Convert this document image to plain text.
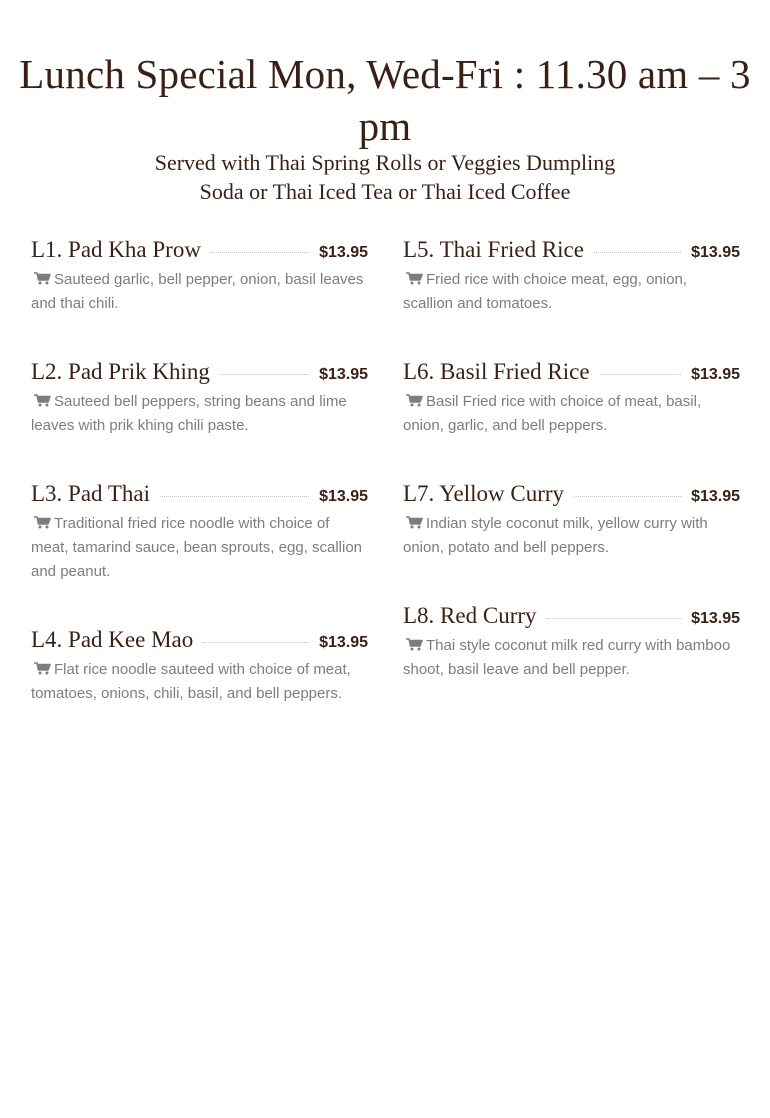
Lunch Special Mon, Wed-Fri : 11.30 am – 3 pm
Served with Thai Spring Rolls or Veggies Dumpling
Soda or Thai Iced Tea or Thai Iced Coffee
L1. Pad Kha Prow	$13.95
Sauteed garlic, bell pepper, onion, basil leaves and thai chili.
L2. Pad Prik Khing	$13.95
Sauteed bell peppers, string beans and lime leaves with prik khing chili paste.
L3. Pad Thai	$13.95
Traditional fried rice noodle with choice of meat, tamarind sauce, bean sprouts, egg, scallion and peanut.
L4. Pad Kee Mao	$13.95
Flat rice noodle sauteed with choice of meat, tomatoes, onions, chili, basil, and bell peppers.
L5. Thai Fried Rice	$13.95
Fried rice with choice meat, egg, onion, scallion and tomatoes.
L6. Basil Fried Rice	$13.95
Basil Fried rice with choice of meat, basil, onion, garlic, and bell peppers.
L7. Yellow Curry	$13.95
Indian style coconut milk, yellow curry with onion, potato and bell peppers.
L8. Red Curry	$13.95
Thai style coconut milk red curry with bamboo shoot, basil leave and bell pepper.
